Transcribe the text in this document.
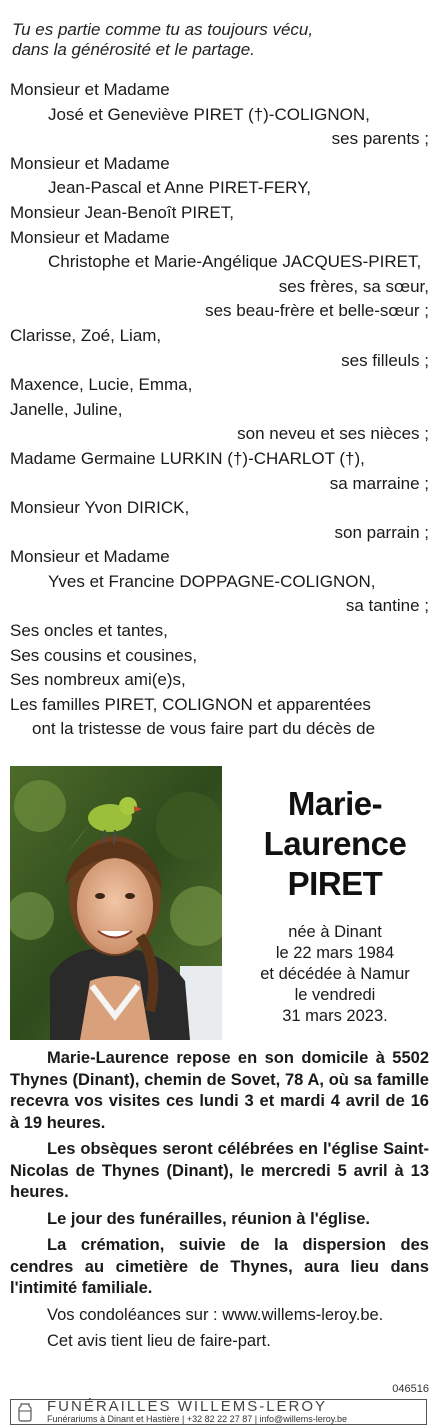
Tu es partie comme tu as toujours vécu,
dans la générosité et le partage.
Monsieur et Madame
José et Geneviève PIRET (†)-COLIGNON,
ses parents ;
Monsieur et Madame
Jean-Pascal et Anne PIRET-FERY,
Monsieur Jean-Benoît PIRET,
Monsieur et Madame
Christophe et Marie-Angélique JACQUES-PIRET,
ses frères, sa sœur,
ses beau-frère et belle-sœur ;
Clarisse, Zoé, Liam,
ses filleuls ;
Maxence, Lucie, Emma,
Janelle, Juline,
son neveu et ses nièces ;
Madame Germaine LURKIN (†)-CHARLOT (†),
sa marraine ;
Monsieur Yvon DIRICK,
son parrain ;
Monsieur et Madame
Yves et Francine DOPPAGNE-COLIGNON,
sa tantine ;
Ses oncles et tantes,
Ses cousins et cousines,
Ses nombreux ami(e)s,
Les familles PIRET, COLIGNON et apparentées
ont la tristesse de vous faire part du décès de
Marie-
Laurence
PIRET
née à Dinant
le 22 mars 1984
et décédée à Namur
le vendredi
31 mars 2023.
Marie-Laurence repose en son domicile à 5502 Thynes (Dinant), chemin de Sovet, 78 A, où sa famille recevra vos visites ces lundi 3 et mardi 4 avril de 16 à 19 heures.
Les obsèques seront célébrées en l'église Saint-Nicolas de Thynes (Dinant), le mercredi 5 avril à 13 heures.
Le jour des funérailles, réunion à l'église.
La crémation, suivie de la dispersion des cendres au cimetière de Thynes, aura lieu dans l'intimité familiale.
Vos condoléances sur : www.willems-leroy.be.
Cet avis tient lieu de faire-part.
046516
FUNÉRAILLES WILLEMS-LEROY
Funérariums à Dinant et Hastière | +32 82 22 27 87 | info@willems-leroy.be
